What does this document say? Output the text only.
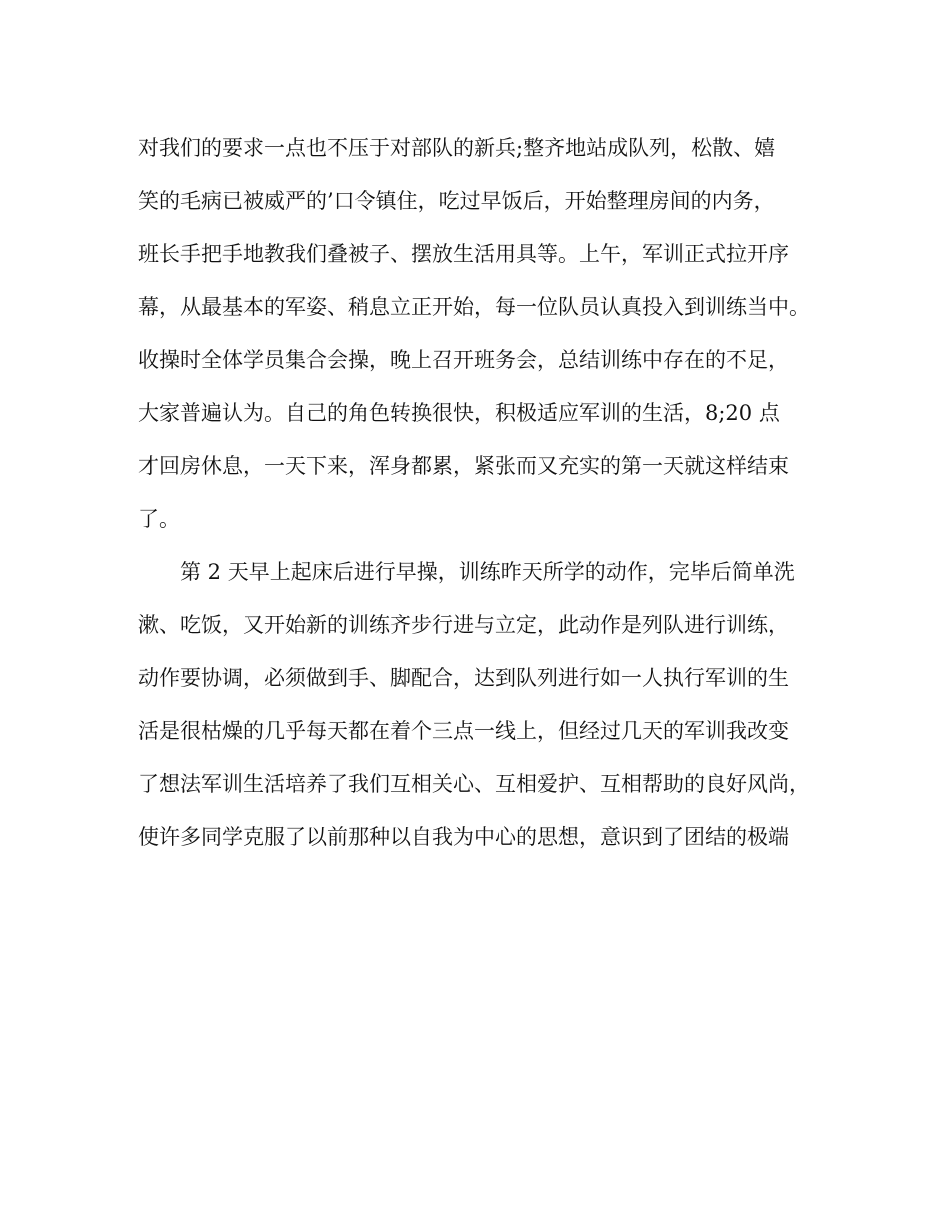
对我们的要求一点也不压于对部队的新兵;整齐地站成队列，松散、嬉
笑的毛病已被威严的’口令镇住，吃过早饭后，开始整理房间的内务，
班长手把手地教我们叠被子、摆放生活用具等。上午，军训正式拉开序
幕，从最基本的军姿、稍息立正开始，每一位队员认真投入到训练当中。
收操时全体学员集合会操，晚上召开班务会，总结训练中存在的不足，
大家普遍认为。自己的角色转换很快，积极适应军训的生活，8;20 点
才回房休息，一天下来，浑身都累，紧张而又充实的第一天就这样结束
了。
第 2 天早上起床后进行早操，训练昨天所学的动作，完毕后简单洗
漱、吃饭，又开始新的训练齐步行进与立定，此动作是列队进行训练，
动作要协调，必须做到手、脚配合，达到队列进行如一人执行军训的生
活是很枯燥的几乎每天都在着个三点一线上，但经过几天的军训我改变
了想法军训生活培养了我们互相关心、互相爱护、互相帮助的良好风尚，
使许多同学克服了以前那种以自我为中心的思想，意识到了团结的极端
